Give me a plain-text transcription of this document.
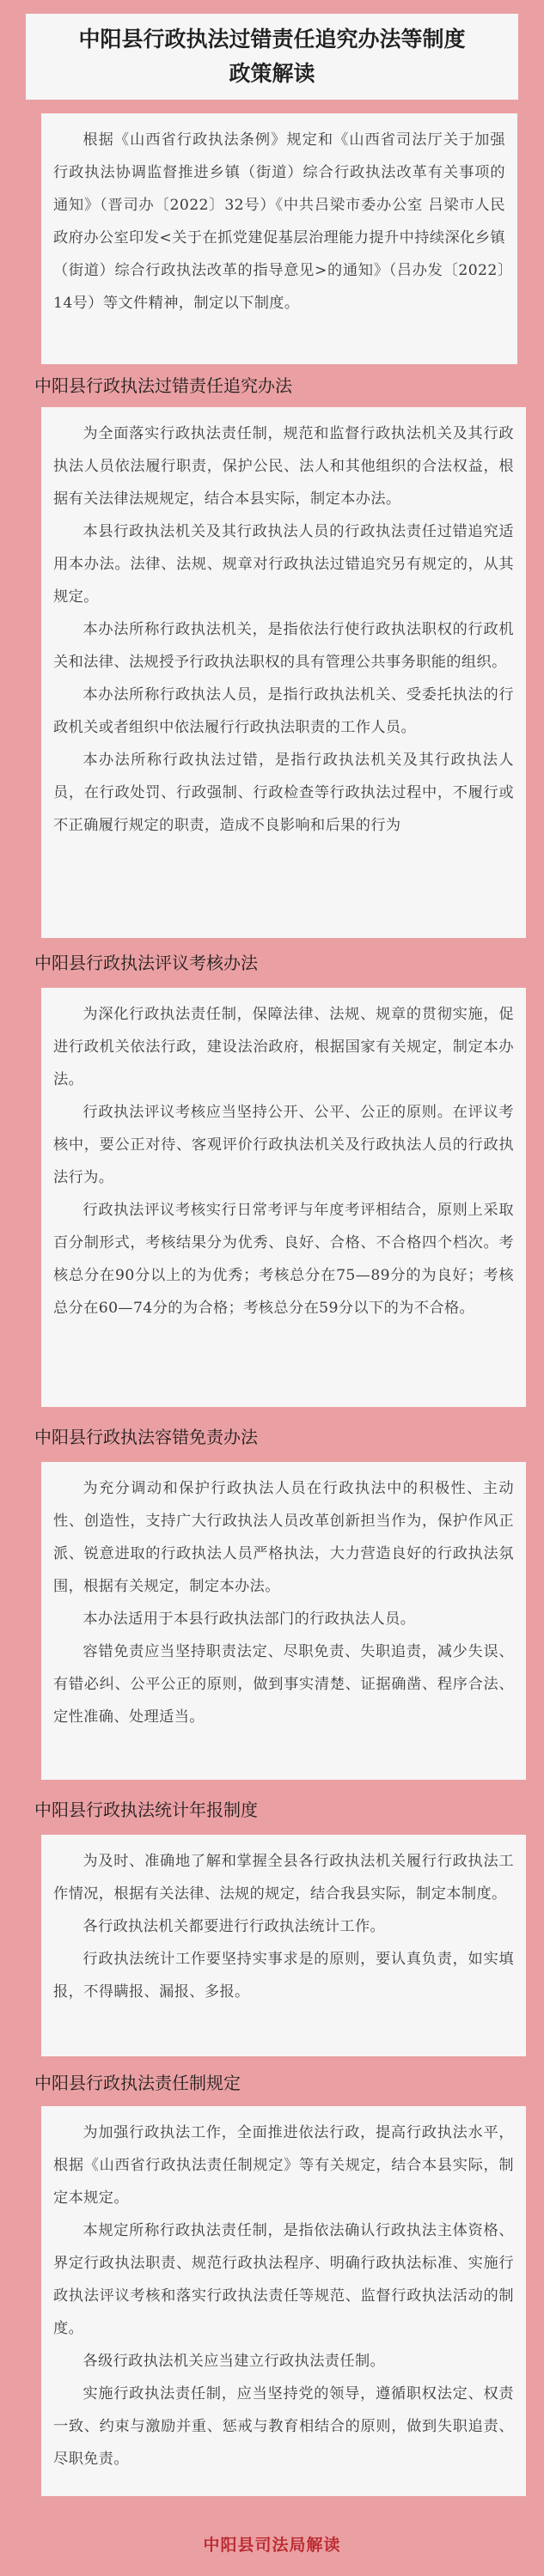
中阳县行政执法过错责任追究办法等制度
政策解读

根据《山西省行政执法条例》规定和《山西省司法厅关于加强行政执法协调监督推进乡镇（街道）综合行政执法改革有关事项的通知》（晋司办〔2022〕32号）《中共吕梁市委办公室 吕梁市人民政府办公室印发<关于在抓党建促基层治理能力提升中持续深化乡镇（街道）综合行政执法改革的指导意见>的通知》（吕办发〔2022〕14号）等文件精神，制定以下制度。

中阳县行政执法过错责任追究办法

为全面落实行政执法责任制，规范和监督行政执法机关及其行政执法人员依法履行职责，保护公民、法人和其他组织的合法权益，根据有关法律法规规定，结合本县实际，制定本办法。

本县行政执法机关及其行政执法人员的行政执法责任过错追究适用本办法。法律、法规、规章对行政执法过错追究另有规定的，从其规定。

本办法所称行政执法机关，是指依法行使行政执法职权的行政机关和法律、法规授予行政执法职权的具有管理公共事务职能的组织。

本办法所称行政执法人员，是指行政执法机关、受委托执法的行政机关或者组织中依法履行行政执法职责的工作人员。

本办法所称行政执法过错，是指行政执法机关及其行政执法人员，在行政处罚、行政强制、行政检查等行政执法过程中，不履行或不正确履行规定的职责，造成不良影响和后果的行为

中阳县行政执法评议考核办法

为深化行政执法责任制，保障法律、法规、规章的贯彻实施，促进行政机关依法行政，建设法治政府，根据国家有关规定，制定本办法。

行政执法评议考核应当坚持公开、公平、公正的原则。在评议考核中，要公正对待、客观评价行政执法机关及行政执法人员的行政执法行为。

行政执法评议考核实行日常考评与年度考评相结合，原则上采取百分制形式，考核结果分为优秀、良好、合格、不合格四个档次。考核总分在90分以上的为优秀；考核总分在75—89分的为良好；考核总分在60—74分的为合格；考核总分在59分以下的为不合格。

中阳县行政执法容错免责办法

为充分调动和保护行政执法人员在行政执法中的积极性、主动性、创造性，支持广大行政执法人员改革创新担当作为，保护作风正派、锐意进取的行政执法人员严格执法，大力营造良好的行政执法氛围，根据有关规定，制定本办法。

本办法适用于本县行政执法部门的行政执法人员。

容错免责应当坚持职责法定、尽职免责、失职追责，减少失误、有错必纠、公平公正的原则，做到事实清楚、证据确凿、程序合法、定性准确、处理适当。

中阳县行政执法统计年报制度

为及时、准确地了解和掌握全县各行政执法机关履行行政执法工作情况，根据有关法律、法规的规定，结合我县实际，制定本制度。

各行政执法机关都要进行行政执法统计工作。

行政执法统计工作要坚持实事求是的原则，要认真负责，如实填报，不得瞒报、漏报、多报。

中阳县行政执法责任制规定

为加强行政执法工作，全面推进依法行政，提高行政执法水平，根据《山西省行政执法责任制规定》等有关规定，结合本县实际，制定本规定。

本规定所称行政执法责任制，是指依法确认行政执法主体资格、界定行政执法职责、规范行政执法程序、明确行政执法标准、实施行政执法评议考核和落实行政执法责任等规范、监督行政执法活动的制度。

各级行政执法机关应当建立行政执法责任制。

实施行政执法责任制，应当坚持党的领导，遵循职权法定、权责一致、约束与激励并重、惩戒与教育相结合的原则，做到失职追责、尽职免责。

中阳县司法局解读
